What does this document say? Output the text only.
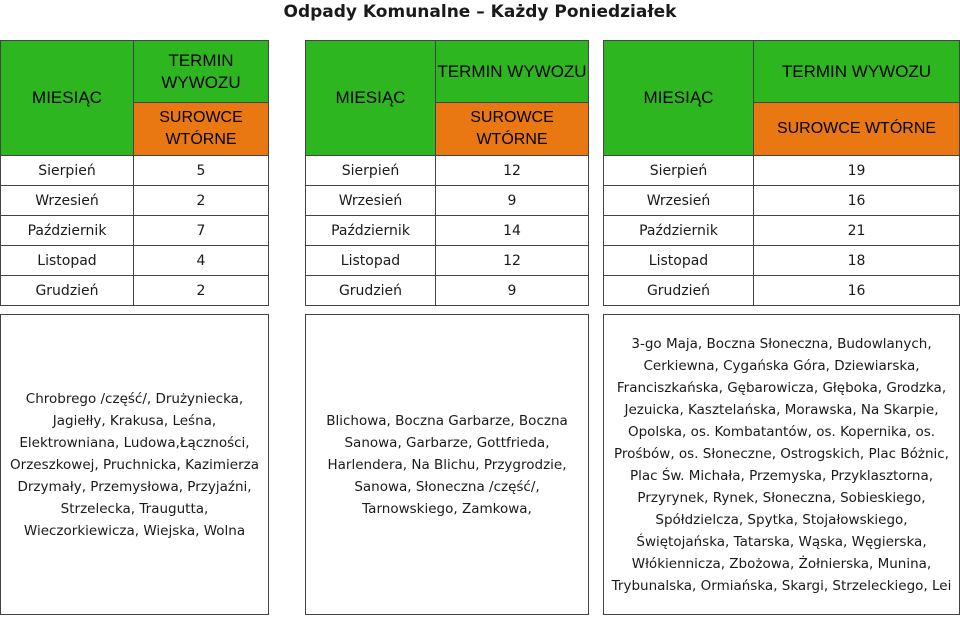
Odpady Komunalne – Każdy Poniedziałek
MIESIĄC	TERMIN WYWOZU
	SUROWCE WTÓRNE
Sierpień	5
Wrzesień	2
Październik	7
Listopad	4
Grudzień	2

Chrobrego /część/, Drużyniecka, Jagiełły, Krakusa, Leśna, Elektrowniana, Ludowa,Łączności, Orzeszkowej, Pruchnicka, Kazimierza Drzymały, Przemysłowa, Przyjaźni, Strzelecka, Traugutta, Wieczorkiewicza, Wiejska, Wolna	
MIESIĄC	TERMIN WYWOZU
	SUROWCE WTÓRNE
Sierpień	12
Wrzesień	9
Październik	14
Listopad	12
Grudzień	9

Blichowa, Boczna Garbarze, Boczna Sanowa, Garbarze, Gottfrieda, Harlendera, Na Blichu, Przygrodzie, Sanowa, Słoneczna /część/, Tarnowskiego, Zamkowa,	
MIESIĄC	TERMIN WYWOZU
	SUROWCE WTÓRNE
Sierpień	19
Wrzesień	16
Październik	21
Listopad	18
Grudzień	16

3-go Maja, Boczna Słoneczna, Budowlanych, Cerkiewna, Cygańska Góra, Dziewiarska, Franciszkańska, Gębarowicza, Głęboka, Grodzka, Jezuicka, Kasztelańska, Morawska, Na Skarpie, Opolska, os. Kombatantów, os. Kopernika, os. Prośbów, os. Słoneczne, Ostrogskich, Plac Bóżnic, Plac Św. Michała, Przemyska, Przyklasztorna, Przyrynek, Rynek, Słoneczna, Sobieskiego, Spółdzielcza, Spytka, Stojałowskiego, Świętojańska, Tatarska, Wąska, Węgierska, Włókiennicza, Zbożowa, Żołnierska, Munina, Trybunalska, Ormiańska, Skargi, Strzeleckiego, Lei	
